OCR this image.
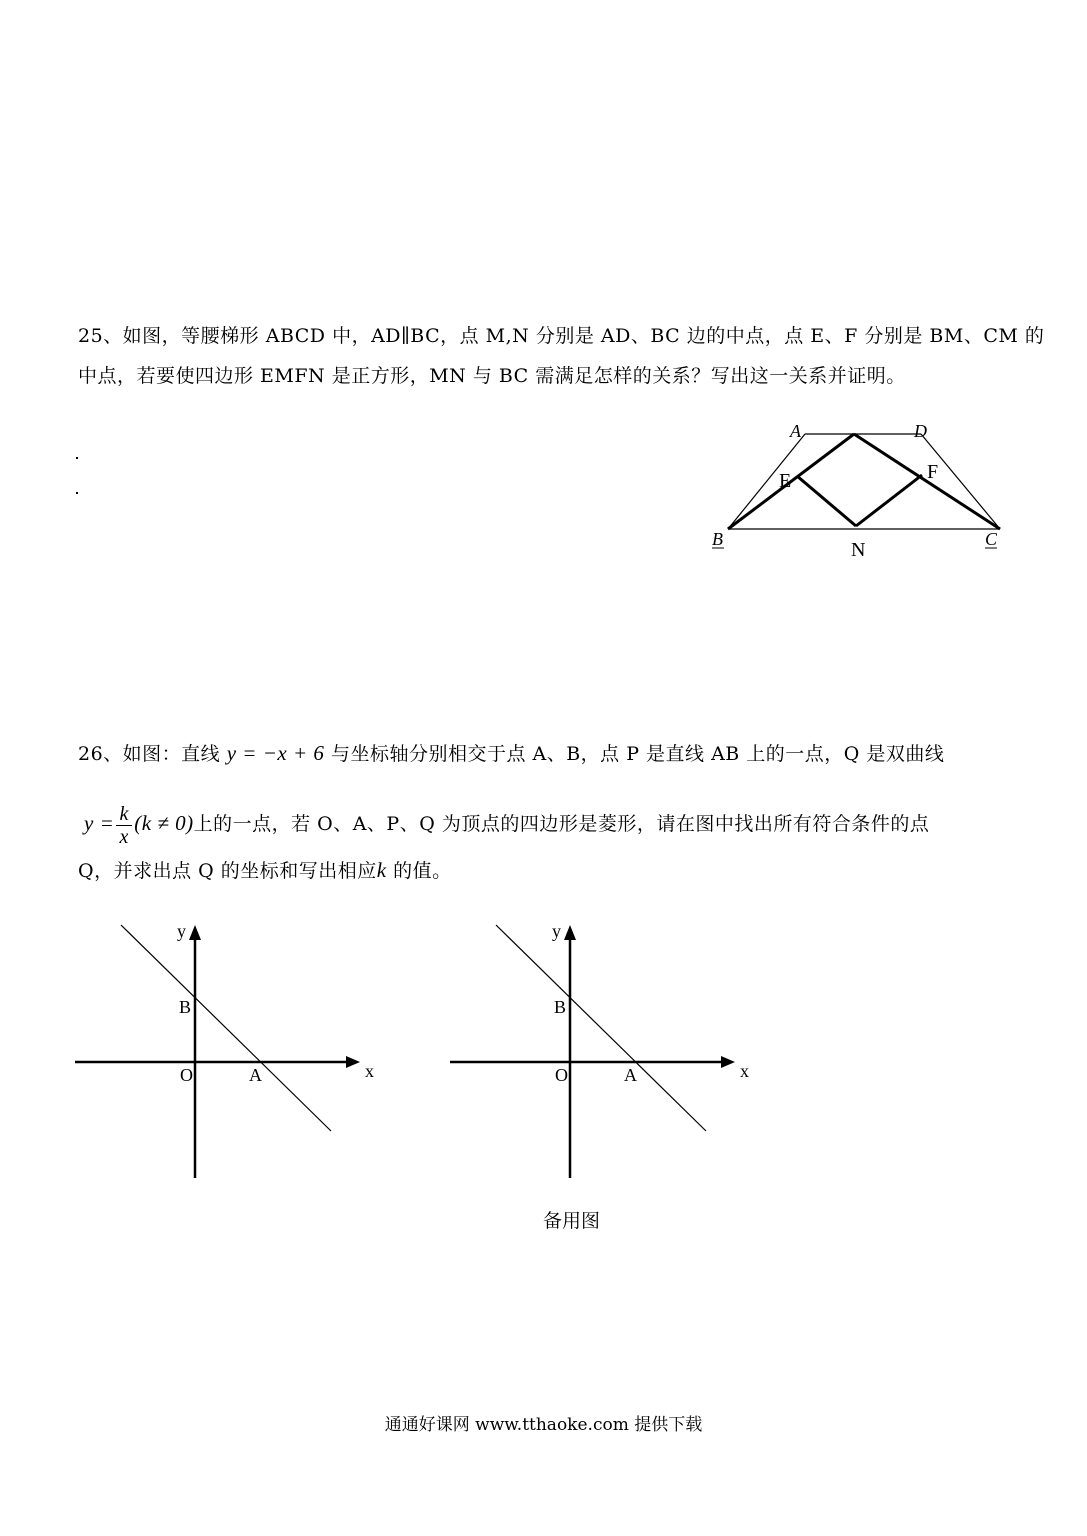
25、如图，等腰梯形 ABCD 中，AD∥BC，点 M,N 分别是 AD、BC 边的中点，点 E、F 分别是 BM、CM 的
中点，若要使四边形 EMFN 是正方形，MN 与 BC 需满足怎样的关系？写出这一关系并证明。
A	D
E	F
B	N	C
26、如图：直线 y = −x + 6 与坐标轴分别相交于点 A、B，点 P 是直线 AB 上的一点，Q 是双曲线
$y = \frac{k}{x} (k \ne 0)$上的一点，若 O、A、P、Q 为顶点的四边形是菱形，请在图中找出所有符合条件的点
Q，并求出点 Q 的坐标和写出相应k 的值。
x
y
O	A
B
x
y
O	A
B
备用图
通通好课网 www.tthaoke.com 提供下载
